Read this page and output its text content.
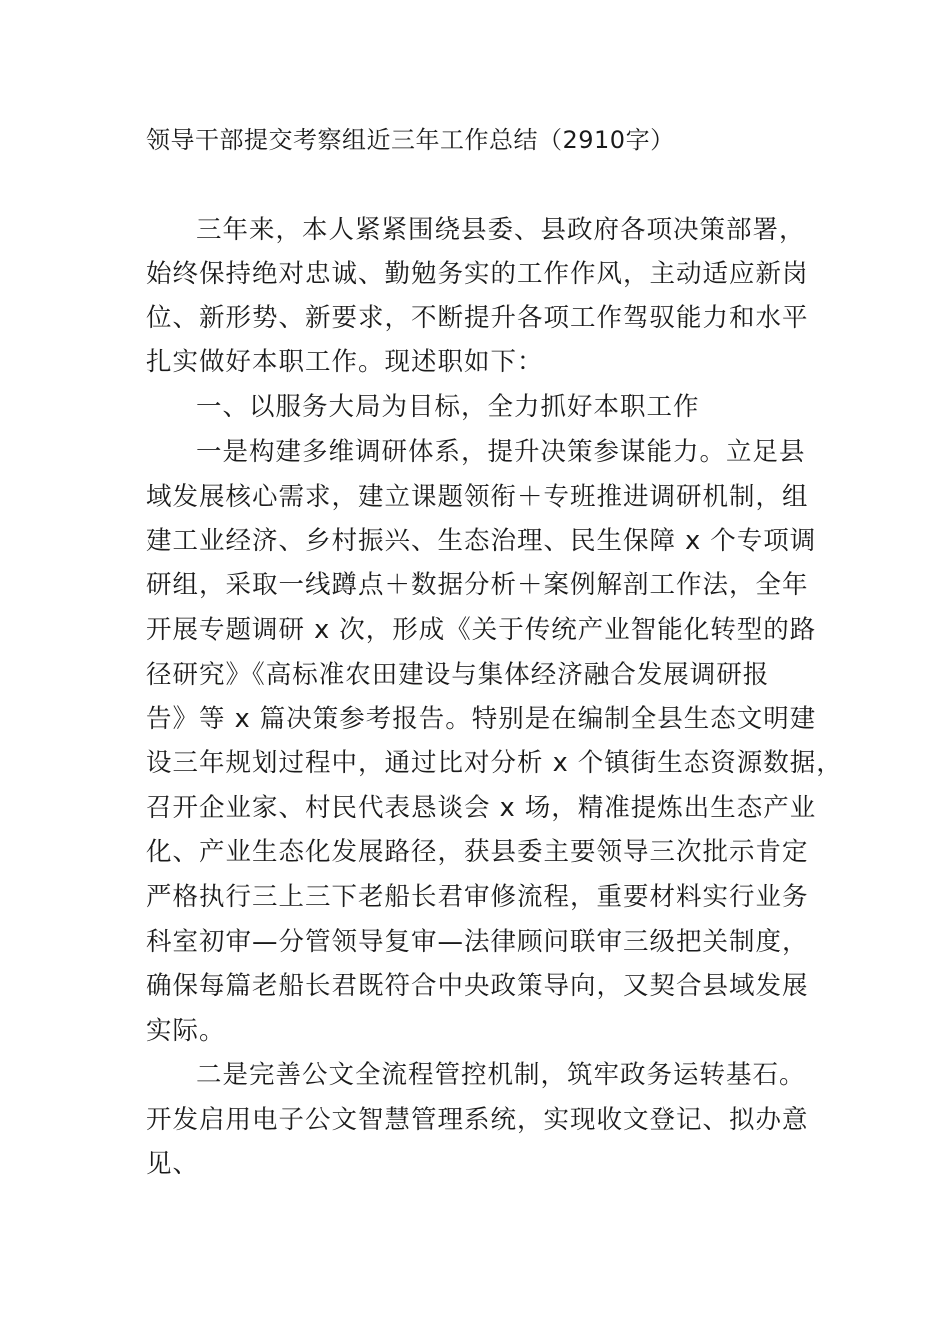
领导干部提交考察组近三年工作总结（2910字）
三年来，本人紧紧围绕县委、县政府各项决策部署，
始终保持绝对忠诚、勤勉务实的工作作风，主动适应新岗
位、新形势、新要求，不断提升各项工作驾驭能力和水平
扎实做好本职工作。现述职如下：
一、以服务大局为目标，全力抓好本职工作
一是构建多维调研体系，提升决策参谋能力。立足县
域发展核心需求，建立课题领衔＋专班推进调研机制，组
建工业经济、乡村振兴、生态治理、民生保障 x 个专项调
研组，采取一线蹲点＋数据分析＋案例解剖工作法，全年
开展专题调研 x 次，形成《关于传统产业智能化转型的路
径研究》《高标准农田建设与集体经济融合发展调研报
告》等 x 篇决策参考报告。特别是在编制全县生态文明建
设三年规划过程中，通过比对分析 x 个镇街生态资源数据，
召开企业家、村民代表恳谈会 x 场，精准提炼出生态产业
化、产业生态化发展路径，获县委主要领导三次批示肯定
严格执行三上三下老船长君审修流程，重要材料实行业务
科室初审—分管领导复审—法律顾问联审三级把关制度，
确保每篇老船长君既符合中央政策导向，又契合县域发展
实际。
二是完善公文全流程管控机制，筑牢政务运转基石。
开发启用电子公文智慧管理系统，实现收文登记、拟办意
见、
